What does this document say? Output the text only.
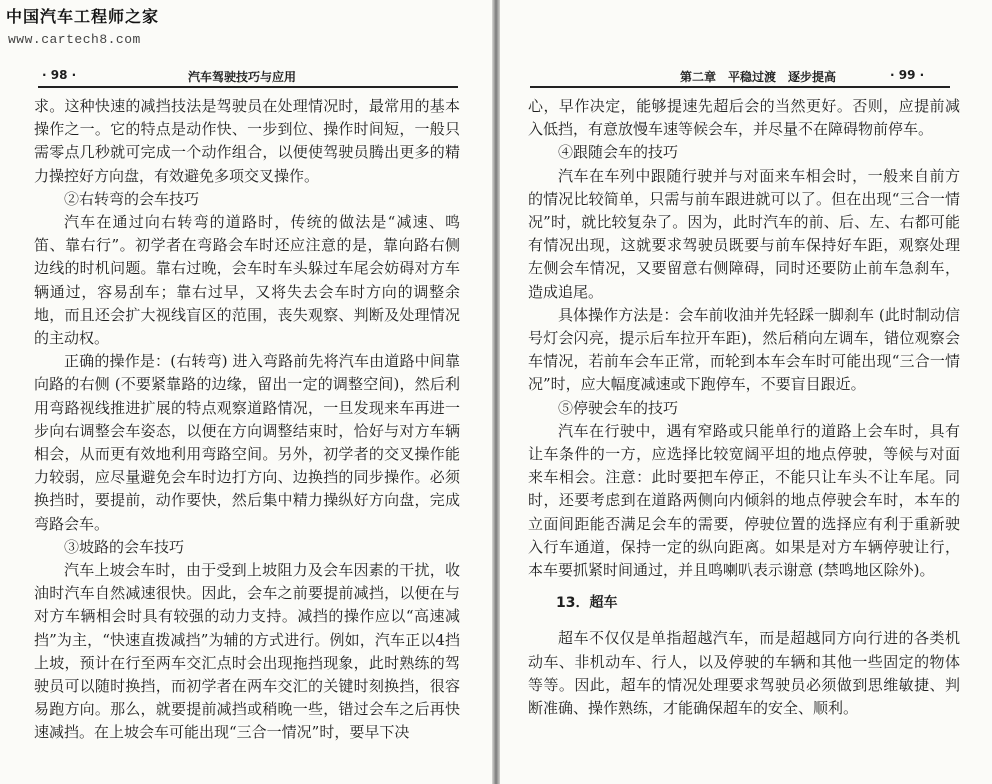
中国汽车工程师之家
www.cartech8.com
· 98 ·	汽车驾驶技巧与应用

求。这种快速的减挡技法是驾驶员在处理情况时，最常用的基本操作之一。它的特点是动作快、一步到位、操作时间短，一般只需零点几秒就可完成一个动作组合，以便使驾驶员腾出更多的精力操控好方向盘，有效避免多项交叉操作。

②右转弯的会车技巧

汽车在通过向右转弯的道路时，传统的做法是“减速、鸣笛、靠右行”。初学者在弯路会车时还应注意的是，靠向路右侧边线的时机问题。靠右过晚，会车时车头躲过车尾会妨碍对方车辆通过，容易刮车；靠右过早，又将失去会车时方向的调整余地，而且还会扩大视线盲区的范围，丧失观察、判断及处理情况的主动权。

正确的操作是：(右转弯) 进入弯路前先将汽车由道路中间靠向路的右侧 (不要紧靠路的边缘，留出一定的调整空间)，然后利用弯路视线推进扩展的特点观察道路情况，一旦发现来车再进一步向右调整会车姿态，以便在方向调整结束时，恰好与对方车辆相会，从而更有效地利用弯路空间。另外，初学者的交叉操作能力较弱，应尽量避免会车时边打方向、边换挡的同步操作。必须换挡时，要提前，动作要快，然后集中精力操纵好方向盘，完成弯路会车。

③坡路的会车技巧

汽车上坡会车时，由于受到上坡阻力及会车因素的干扰，收油时汽车自然减速很快。因此，会车之前要提前减挡，以便在与对方车辆相会时具有较强的动力支持。减挡的操作应以“高速减挡”为主，“快速直拨减挡”为辅的方式进行。例如，汽车正以4挡上坡，预计在行至两车交汇点时会出现拖挡现象，此时熟练的驾驶员可以随时换挡，而初学者在两车交汇的关键时刻换挡，很容易跑方向。那么，就要提前减挡或稍晚一些，错过会车之后再快速减挡。在上坡会车可能出现“三合一情况”时，要早下决

第二章　平稳过渡　逐步提高	· 99 ·

心，早作决定，能够提速先超后会的当然更好。否则，应提前减入低挡，有意放慢车速等候会车，并尽量不在障碍物前停车。

④跟随会车的技巧

汽车在车列中跟随行驶并与对面来车相会时，一般来自前方的情况比较简单，只需与前车跟进就可以了。但在出现“三合一情况”时，就比较复杂了。因为，此时汽车的前、后、左、右都可能有情况出现，这就要求驾驶员既要与前车保持好车距，观察处理左侧会车情况，又要留意右侧障碍，同时还要防止前车急刹车，造成追尾。

具体操作方法是：会车前收油并先轻踩一脚刹车 (此时制动信号灯会闪亮，提示后车拉开车距)，然后稍向左调车，错位观察会车情况，若前车会车正常，而轮到本车会车时可能出现“三合一情况”时，应大幅度减速或下跑停车，不要盲目跟近。

⑤停驶会车的技巧

汽车在行驶中，遇有窄路或只能单行的道路上会车时，具有让车条件的一方，应选择比较宽阔平坦的地点停驶，等候与对面来车相会。注意：此时要把车停正，不能只让车头不让车尾。同时，还要考虑到在道路两侧向内倾斜的地点停驶会车时，本车的立面间距能否满足会车的需要，停驶位置的选择应有利于重新驶入行车通道，保持一定的纵向距离。如果是对方车辆停驶让行，本车要抓紧时间通过，并且鸣喇叭表示谢意 (禁鸣地区除外)。

13．超车

超车不仅仅是单指超越汽车，而是超越同方向行进的各类机动车、非机动车、行人，以及停驶的车辆和其他一些固定的物体等等。因此，超车的情况处理要求驾驶员必须做到思维敏捷、判断准确、操作熟练，才能确保超车的安全、顺利。
